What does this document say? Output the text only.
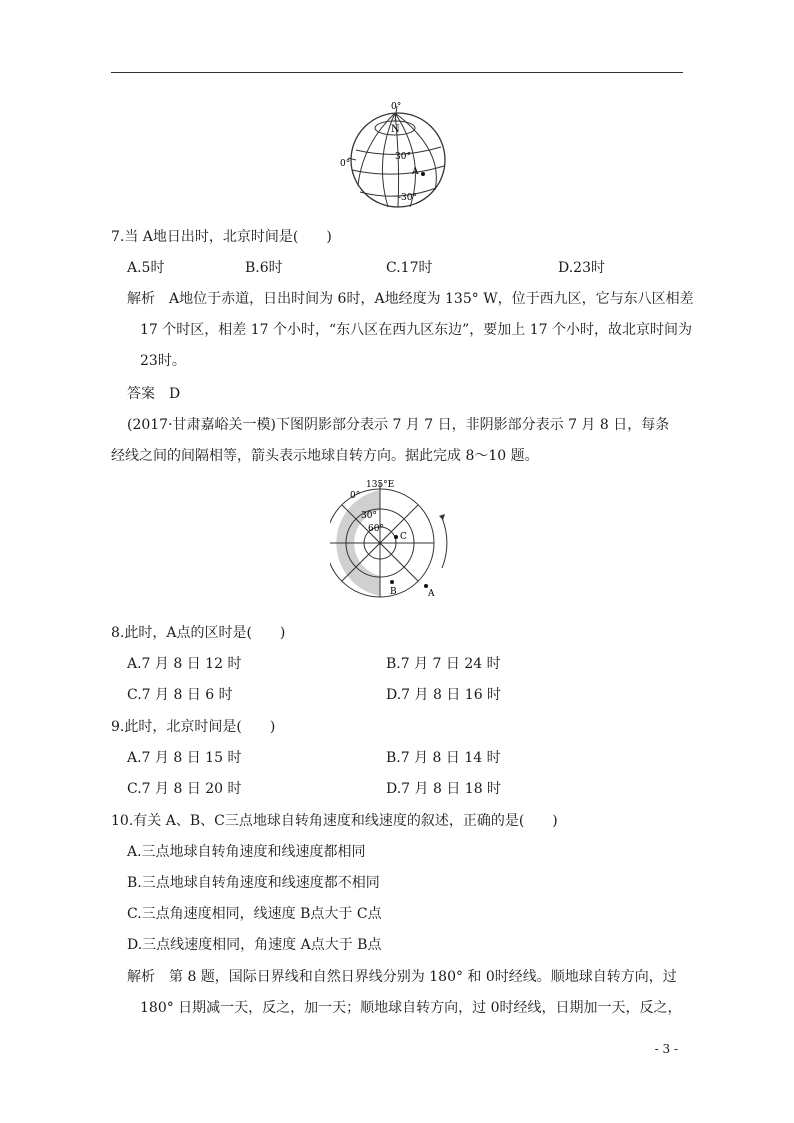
0°
0°
N
30°
A
-30°
7.当 A地日出时，北京时间是(　　)
A.5时	B.6时	C.17时	D.23时
解析　A地位于赤道，日出时间为 6时，A地经度为 135° W，位于西九区，它与东八区相差
17 个时区，相差 17 个小时，“东八区在西九区东边”，要加上 17 个小时，故北京时间为
23时。
答案　D
(2017·甘肃嘉峪关一模)下图阴影部分表示 7 月 7 日，非阴影部分表示 7 月 8 日，每条
经线之间的间隔相等，箭头表示地球自转方向。据此完成 8～10 题。
135°E
0°
30°
60°
C
B	A
8.此时，A点的区时是(　　)
A.7 月 8 日 12 时	B.7 月 7 日 24 时
C.7 月 8 日 6 时	D.7 月 8 日 16 时
9.此时，北京时间是(　　)
A.7 月 8 日 15 时	B.7 月 8 日 14 时
C.7 月 8 日 20 时	D.7 月 8 日 18 时
10.有关 A、B、C三点地球自转角速度和线速度的叙述，正确的是(　　)
A.三点地球自转角速度和线速度都相同
B.三点地球自转角速度和线速度都不相同
C.三点角速度相同，线速度 B点大于 C点
D.三点线速度相同，角速度 A点大于 B点
解析　第 8 题，国际日界线和自然日界线分别为 180° 和 0时经线。顺地球自转方向，过
180° 日期减一天，反之，加一天；顺地球自转方向，过 0时经线，日期加一天，反之，
- 3 -
